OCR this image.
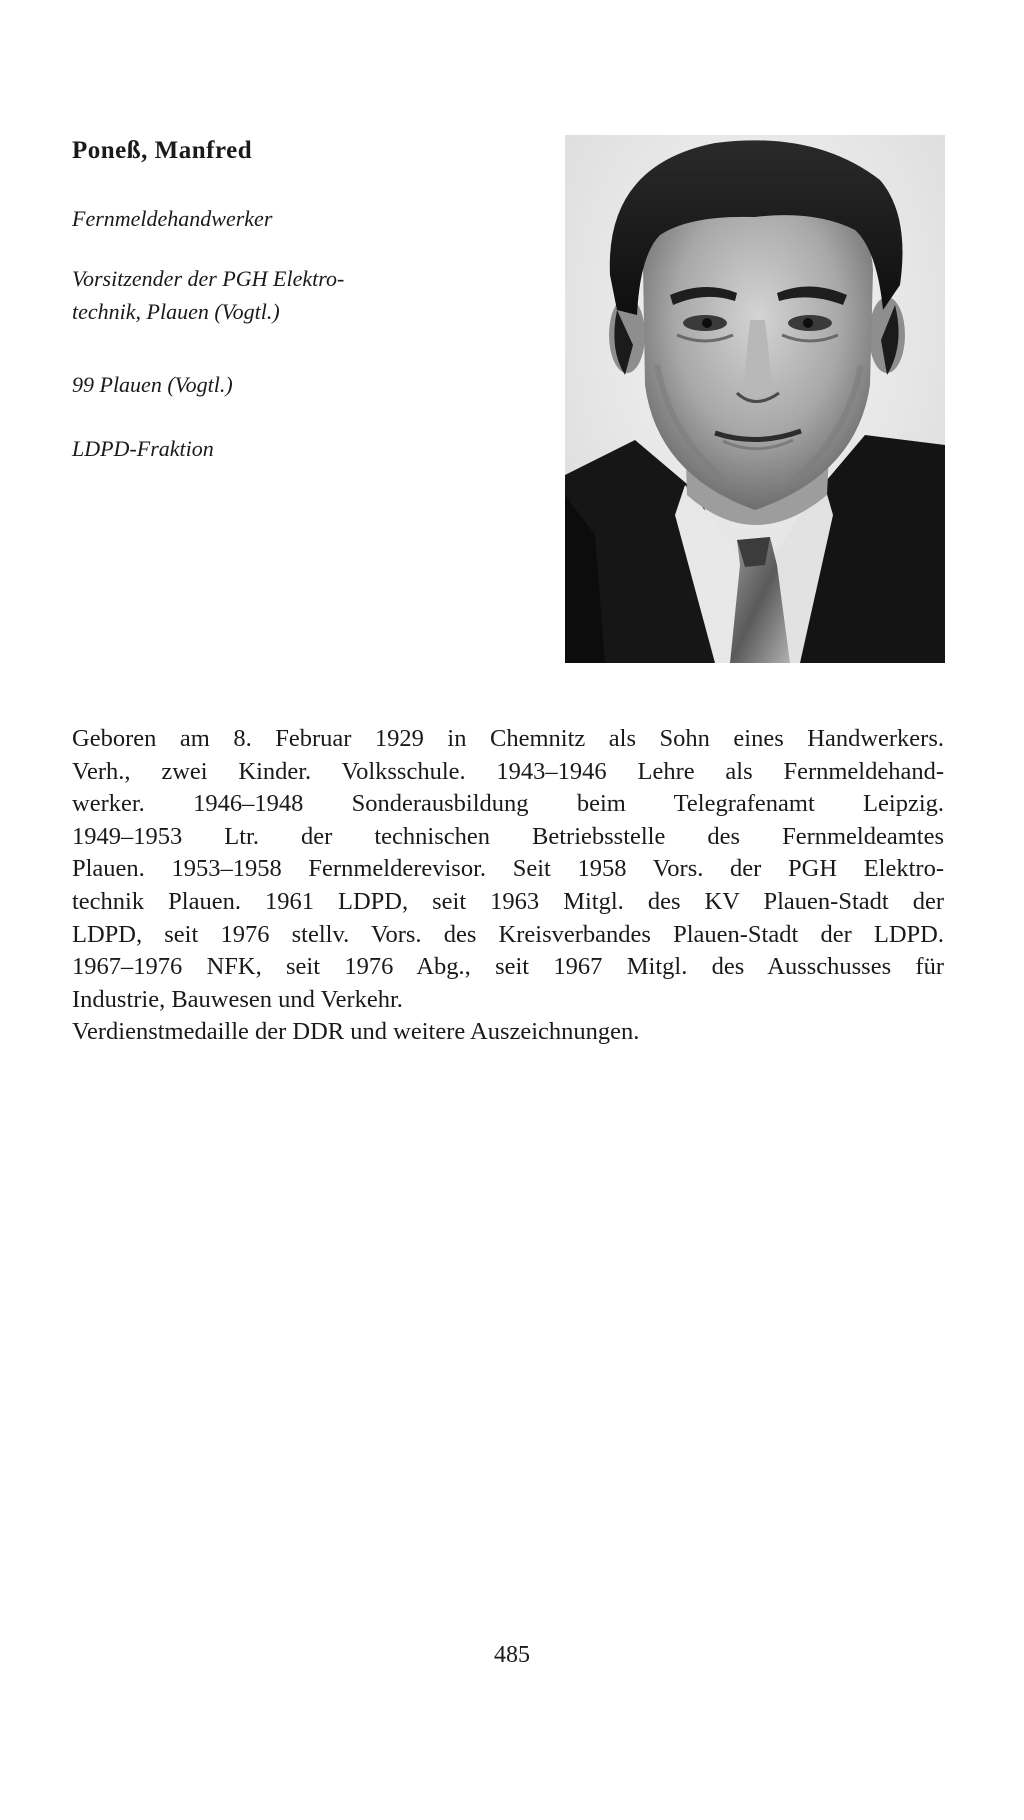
Poneß, Manfred
Fernmeldehandwerker
Vorsitzender der PGH Elektro-
technik, Plauen (Vogtl.)
99 Plauen (Vogtl.)
LDPD-Fraktion
Geboren am 8. Februar 1929 in Chemnitz als Sohn eines Handwerkers.
Verh., zwei Kinder. Volksschule. 1943–1946 Lehre als Fernmeldehand-
werker. 1946–1948 Sonderausbildung beim Telegrafenamt Leipzig.
1949–1953 Ltr. der technischen Betriebsstelle des Fernmeldeamtes
Plauen. 1953–1958 Fernmelderevisor. Seit 1958 Vors. der PGH Elektro-
technik Plauen. 1961 LDPD, seit 1963 Mitgl. des KV Plauen-Stadt der
LDPD, seit 1976 stellv. Vors. des Kreisverbandes Plauen-Stadt der LDPD.
1967–1976 NFK, seit 1976 Abg., seit 1967 Mitgl. des Ausschusses für
Industrie, Bauwesen und Verkehr.
Verdienstmedaille der DDR und weitere Auszeichnungen.
485
